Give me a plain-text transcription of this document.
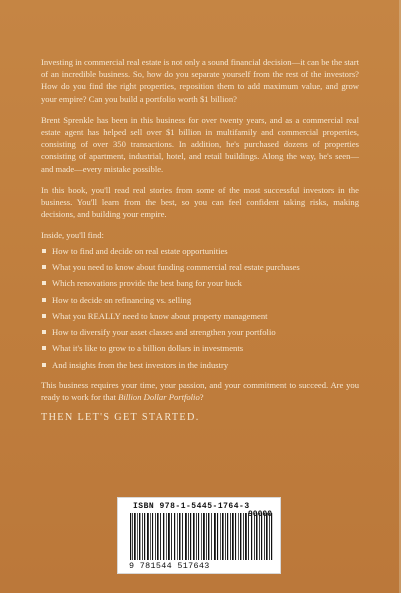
Investing in commercial real estate is not only a sound financial decision—it can be the start of an incredible business. So, how do you separate yourself from the rest of the investors? How do you find the right properties, reposition them to add maximum value, and grow your empire? Can you build a portfolio worth $1 billion?

Brent Sprenkle has been in this business for over twenty years, and as a commercial real estate agent has helped sell over $1 billion in multifamily and commercial properties, consisting of over 350 transactions. In addition, he's purchased dozens of properties consisting of apartment, industrial, hotel, and retail buildings. Along the way, he's seen—and made—every mistake possible.

In this book, you'll read real stories from some of the most successful investors in the business. You'll learn from the best, so you can feel confident taking risks, making decisions, and building your empire.

Inside, you'll find:

How to find and decide on real estate opportunities
What you need to know about funding commercial real estate purchases
Which renovations provide the best bang for your buck
How to decide on refinancing vs. selling
What you REALLY need to know about property management
How to diversify your asset classes and strengthen your portfolio
What it's like to grow to a billion dollars in investments
And insights from the best investors in the industry

This business requires your time, your passion, and your commitment to succeed. Are you ready to work for that Billion Dollar Portfolio?

THEN LET'S GET STARTED.
ISBN 978-1-5445-1764-3
90000
9 781544 517643
